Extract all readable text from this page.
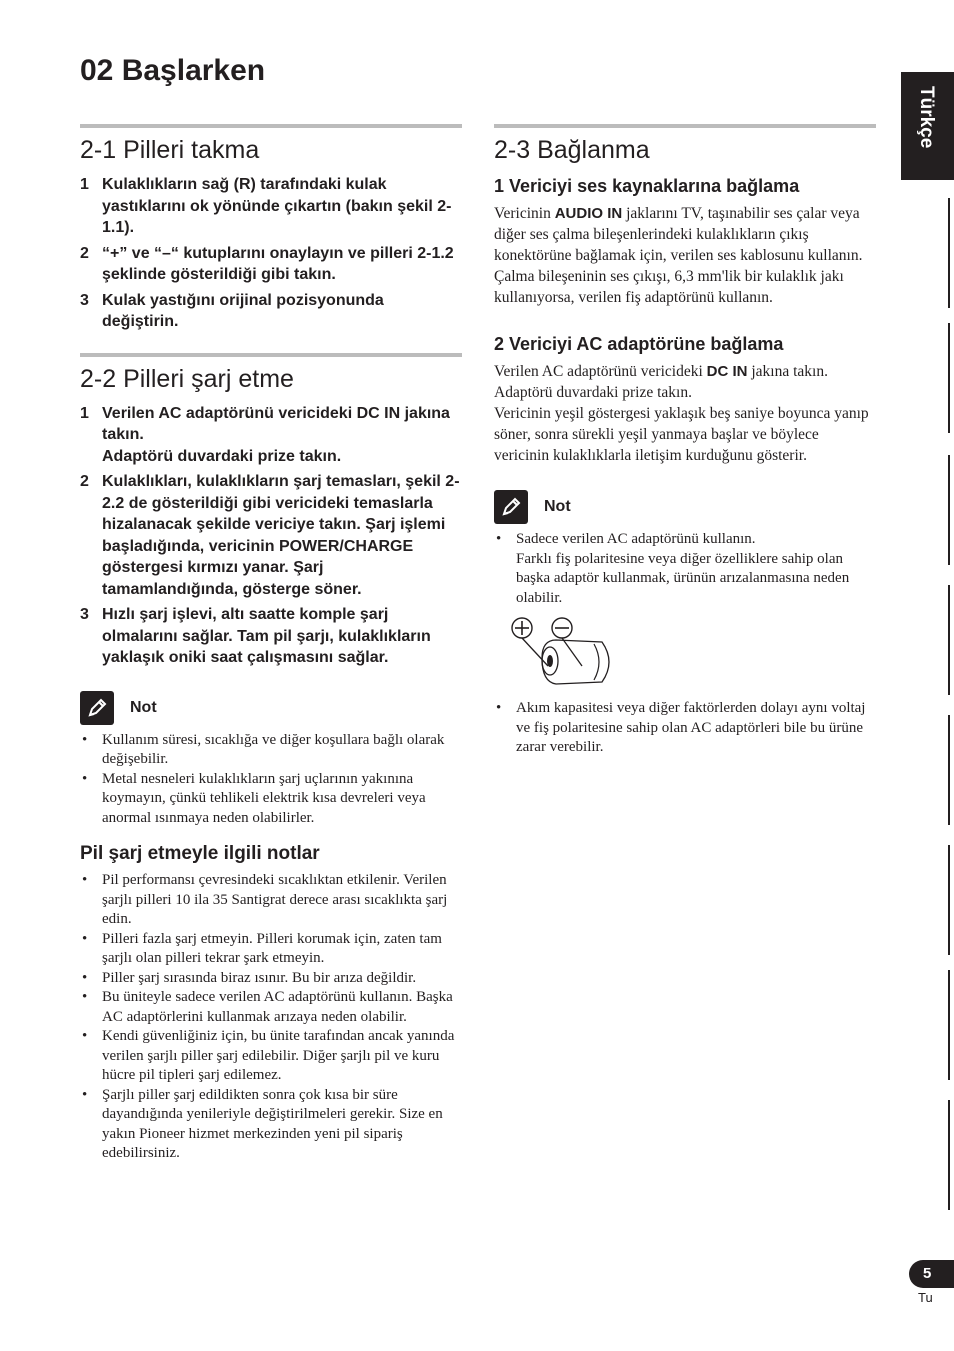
02 Başlarken
Türkçe
2-1 Pilleri takma
1 Kulaklıkların sağ (R) tarafındaki kulak yastıklarını ok yönünde çıkartın (bakın şekil 2-1.1).
2 “+” ve “–“ kutuplarını onaylayın ve pilleri 2-1.2 şeklinde gösterildiği gibi takın.
3 Kulak yastığını orijinal pozisyonunda değiştirin.
2-2 Pilleri şarj etme
1 Verilen AC adaptörünü vericideki DC IN jakına takın.
Adaptörü duvardaki prize takın.
2 Kulaklıkları, kulaklıkların şarj temasları, şekil 2-2.2 de gösterildiği gibi vericideki temaslarla hizalanacak şekilde vericiye takın. Şarj işlemi başladığında, vericinin POWER/CHARGE göstergesi kırmızı yanar. Şarj tamamlandığında, gösterge söner.
3 Hızlı şarj işlevi, altı saatte komple şarj olmalarını sağlar. Tam pil şarjı, kulaklıkların yaklaşık oniki saat çalışmasını sağlar.
Not
• Kullanım süresi, sıcaklığa ve diğer koşullara bağlı olarak değişebilir.
• Metal nesneleri kulaklıkların şarj uçlarının yakınına koymayın, çünkü tehlikeli elektrik kısa devreleri veya anormal ısınmaya neden olabilirler.
Pil şarj etmeyle ilgili notlar
• Pil performansı çevresindeki sıcaklıktan etkilenir. Verilen şarjlı pilleri 10 ila 35 Santigrat derece arası sıcaklıkta şarj edin.
• Pilleri fazla şarj etmeyin. Pilleri korumak için, zaten tam şarjlı olan pilleri tekrar şark etmeyin.
• Piller şarj sırasında biraz ısınır. Bu bir arıza değildir.
• Bu üniteyle sadece verilen AC adaptörünü kullanın. Başka AC adaptörlerini kullanmak arızaya neden olabilir.
• Kendi güvenliğiniz için, bu ünite tarafından ancak yanında verilen şarjlı piller şarj edilebilir. Diğer şarjlı pil ve kuru hücre pil tipleri şarj edilemez.
• Şarjlı piller şarj edildikten sonra çok kısa bir süre dayandığında yenileriyle değiştirilmeleri gerekir. Size en yakın Pioneer hizmet merkezinden yeni pil sipariş edebilirsiniz.
2-3 Bağlanma
1 Vericiyi ses kaynaklarına bağlama

Vericinin AUDIO IN jaklarını TV, taşınabilir ses çalar veya diğer ses çalma bileşenlerindeki kulaklıkların çıkış konektörüne bağlamak için, verilen ses kablosunu kullanın.

Çalma bileşeninin ses çıkışı, 6,3 mm'lik bir kulaklık jakı kullanıyorsa, verilen fiş adaptörünü kullanın.

2 Vericiyi AC adaptörüne bağlama

Verilen AC adaptörünü vericideki DC IN jakına takın. Adaptörü duvardaki prize takın.

Vericinin yeşil göstergesi yaklaşık beş saniye boyunca yanıp söner, sonra sürekli yeşil yanmaya başlar ve böylece vericinin kulaklıklarla iletişim kurduğunu gösterir.

Not
• Sadece verilen AC adaptörünü kullanın.
Farklı fiş polaritesine veya diğer özelliklere sahip olan başka adaptör kullanmak, ürünün arızalanmasına neden olabilir.
• Akım kapasitesi veya diğer faktörlerden dolayı aynı voltaj ve fiş polaritesine sahip olan AC adaptörleri bile bu ürüne zarar verebilir.
5
Tu
